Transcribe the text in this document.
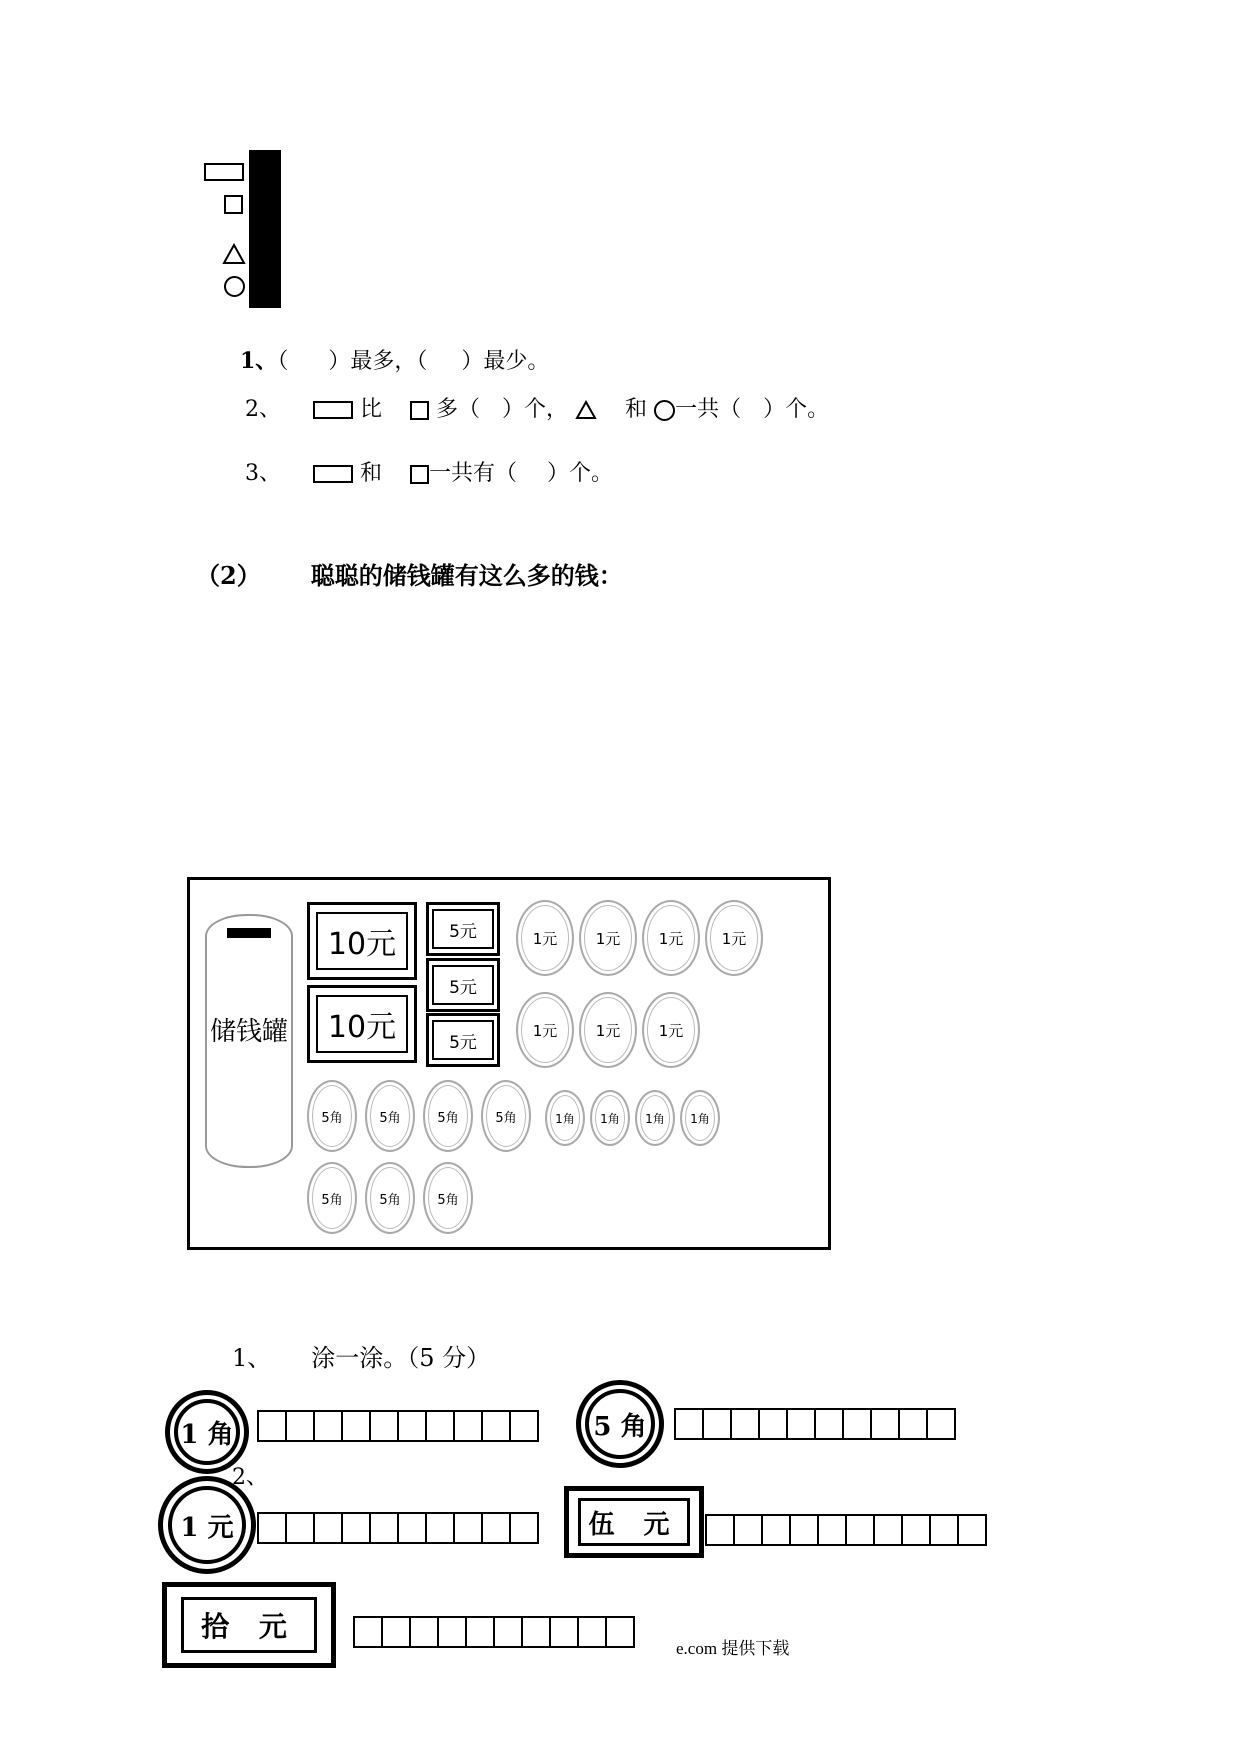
1、（ ）最多，（ ）最少。
2、	比 多（ ）个，	和 一共（ ）个。
3、	和 一共有（ ）个。
（2） 聪聪的储钱罐有这么多的钱：
储钱罐
10元
10元
5元
5元
5元
1元	1元	1元	1元
1元	1元	1元
5角	5角	5角	5角
5角	5角	5角
1角	1角	1角	1角
1、 涂一涂。（5 分）
1 角	5 角
2、
1 元	伍 元
拾 元
e.com 提供下载
